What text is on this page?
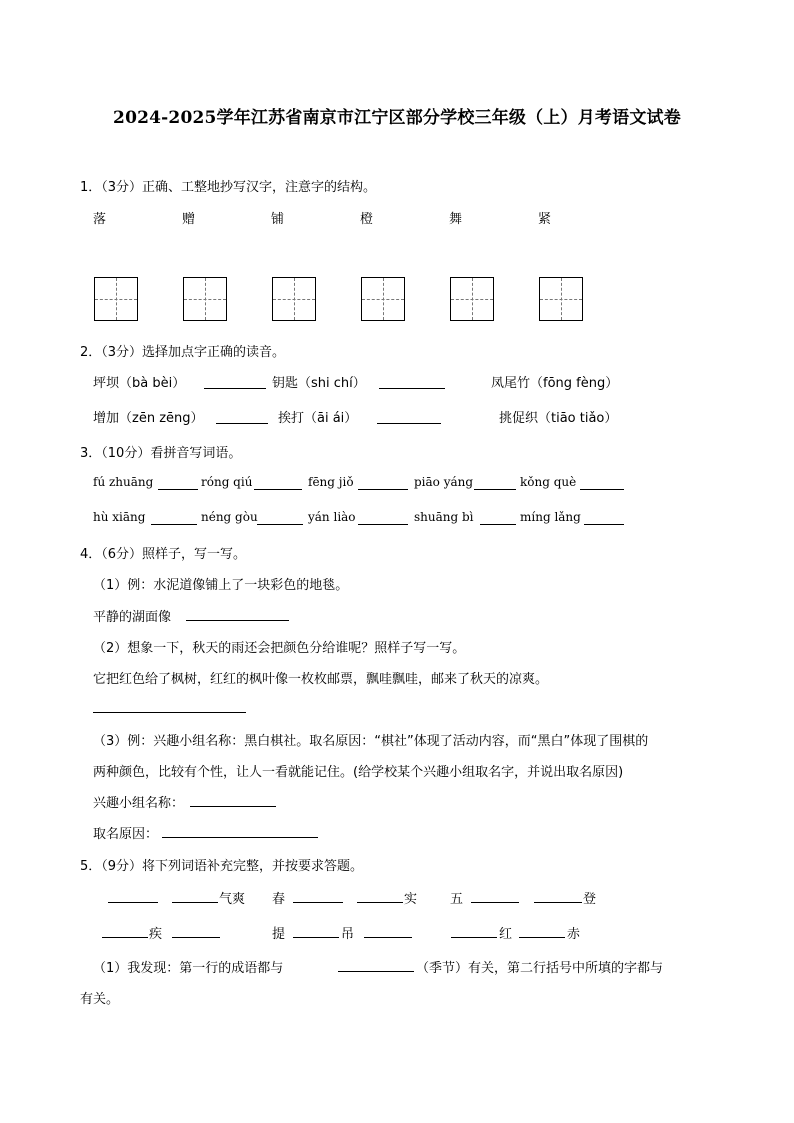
2024-2025学年江苏省南京市江宁区部分学校三年级（上）月考语文试卷
1．（3分）正确、工整地抄写汉字，注意字的结构。
落	赠	铺	橙	舞	紧
2．（3分）选择加点字正确的读音。
坪坝（bà bèi）	钥匙（shi chí）	凤尾竹（fōng fèng）
增加（zēn zēng）	挨打（āi ái）	挑促织（tiāo tiǎo）
3．（10分）看拼音写词语。
fú zhuāng	róng qiú	fēng jiǒ	piāo yáng	kǒng què
hù xiāng	néng gòu	yán liào	shuāng bì	míng lǎng
4．（6分）照样子，写一写。
（1）例：水泥道像铺上了一块彩色的地毯。
平静的湖面像
（2）想象一下，秋天的雨还会把颜色分给谁呢？照样子写一写。
它把红色给了枫树，红红的枫叶像一枚枚邮票，飘哇飘哇，邮来了秋天的凉爽。
（3）例：兴趣小组名称：黑白棋社。取名原因：“棋社”体现了活动内容，而“黑白”体现了围棋的
两种颜色，比较有个性，让人一看就能记住。(给学校某个兴趣小组取名字，并说出取名原因)
兴趣小组名称：
取名原因：
5．（9分）将下列词语补充完整，并按要求答题。
气爽 春	实	五	登
疾	提	吊	红	赤
（1）我发现：第一行的成语都与	（季节）有关，第二行括号中所填的字都与
有关。
